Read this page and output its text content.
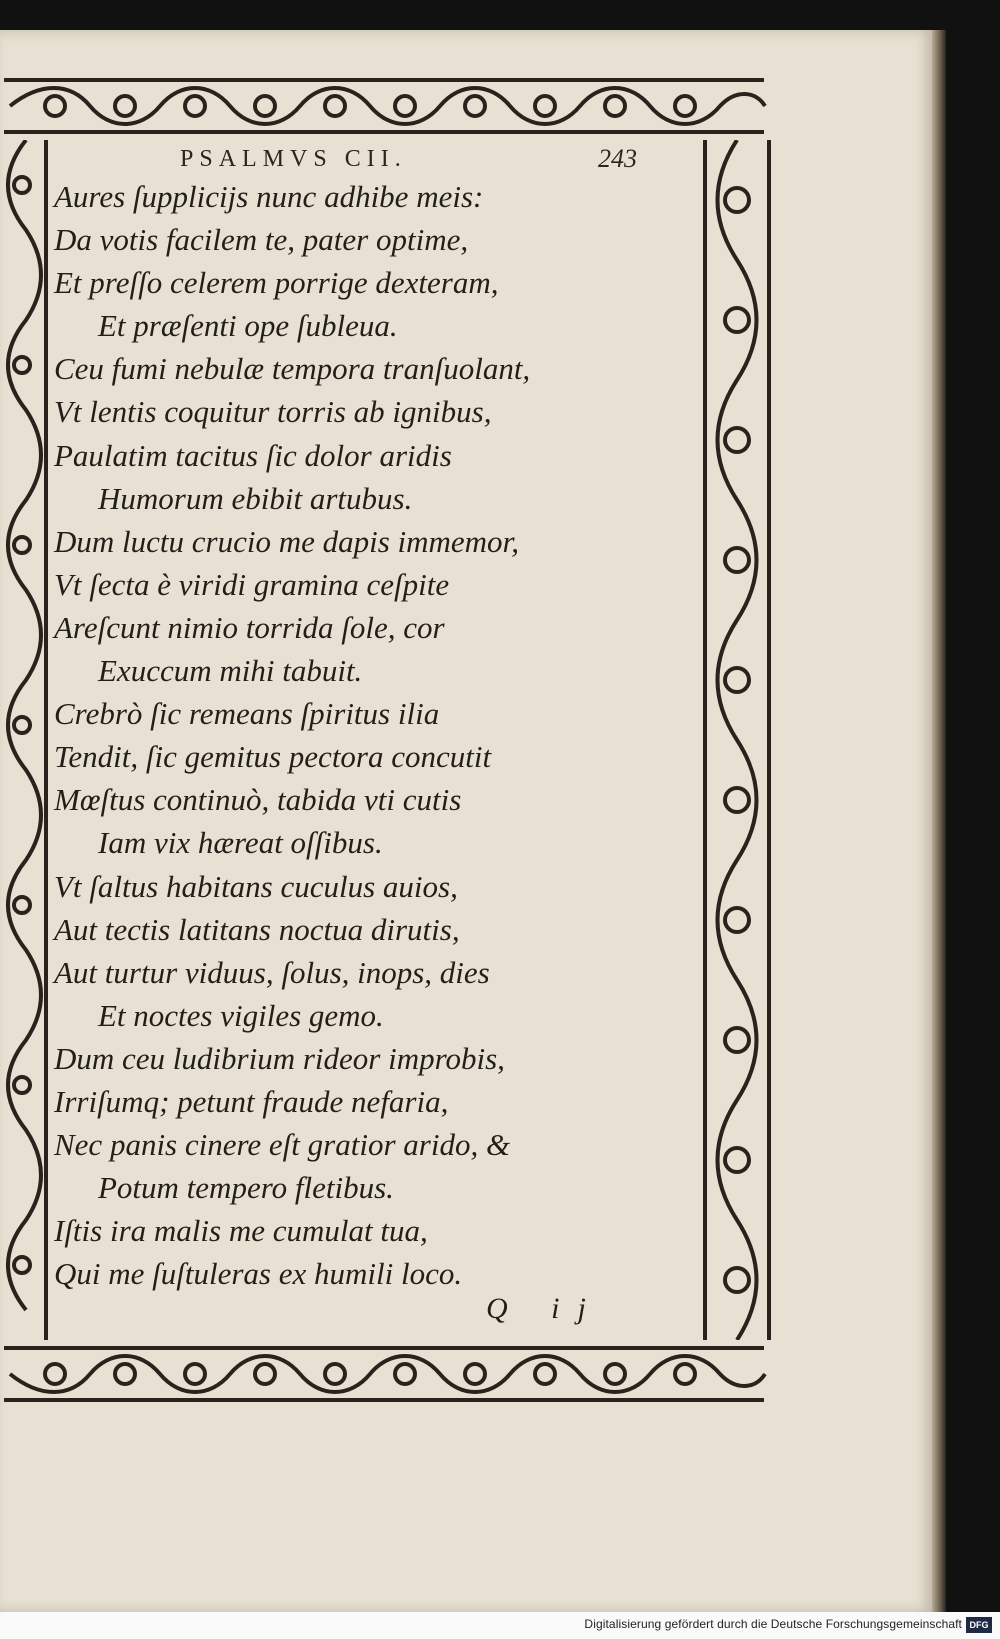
PSALMVS CII.	243
Aures ſupplicijs nunc adhibe meis:
Da votis facilem te, pater optime,
Et preſſo celerem porrige dexteram,
Et præſenti ope ſubleua.
Ceu fumi nebulæ tempora tranſuolant,
Vt lentis coquitur torris ab ignibus,
Paulatim tacitus ſic dolor aridis
Humorum ebibit artubus.
Dum luctu crucio me dapis immemor,
Vt ſecta è viridi gramina ceſpite
Areſcunt nimio torrida ſole, cor
Exuccum mihi tabuit.
Crebrò ſic remeans ſpiritus ilia
Tendit, ſic gemitus pectora concutit
Mœſtus continuò, tabida vti cutis
Iam vix hæreat oſſibus.
Vt ſaltus habitans cuculus auios,
Aut tectis latitans noctua dirutis,
Aut turtur viduus, ſolus, inops, dies
Et noctes vigiles gemo.
Dum ceu ludibrium rideor improbis,
Irriſumq; petunt fraude nefaria,
Nec panis cinere eſt gratior arido, &
Potum tempero fletibus.
Iſtis ira malis me cumulat tua,
Qui me ſuſtuleras ex humili loco.
Q ij
Digitalisierung gefördert durch die Deutsche Forschungsgemeinschaft DFG
